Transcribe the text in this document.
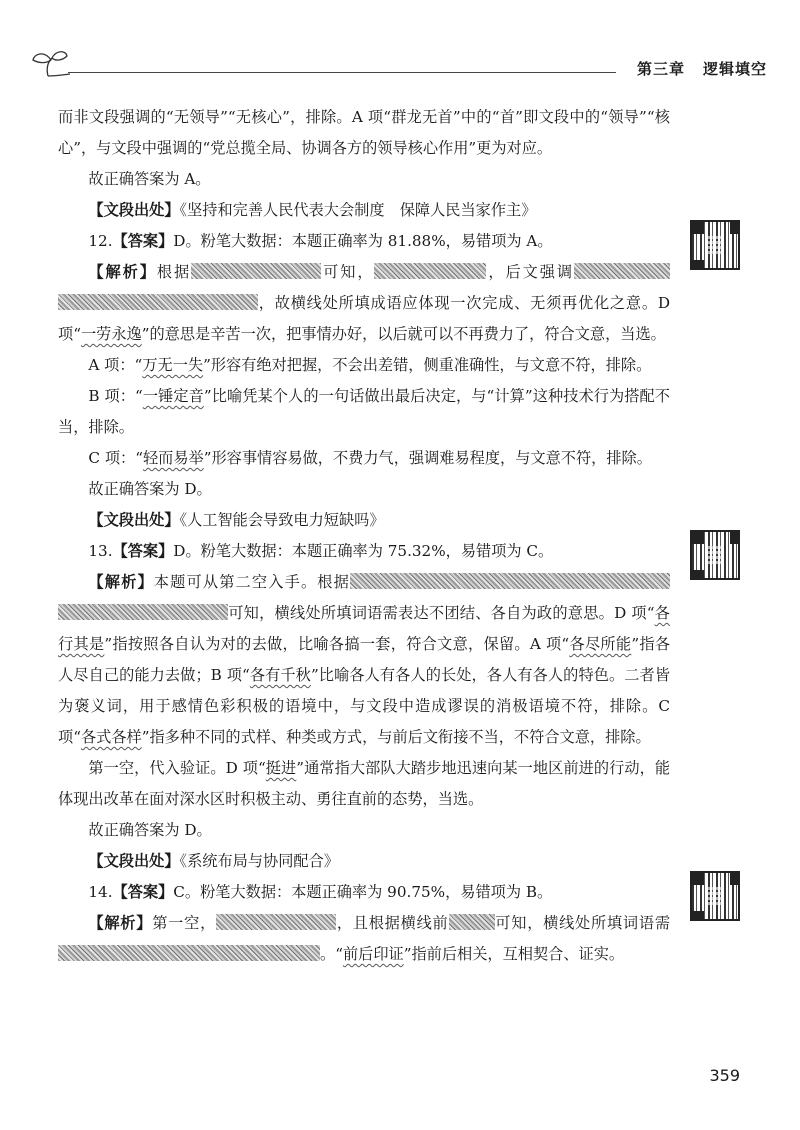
第三章 逻辑填空

而非文段强调的“无领导”“无核心”，排除。A 项“群龙无首”中的“首”即文段中的“领导”“核心”，与文段中强调的“党总揽全局、协调各方的领导核心作用”更为对应。

故正确答案为 A。

【文段出处】《坚持和完善人民代表大会制度　保障人民当家作主》

12.【答案】D。粉笔大数据：本题正确率为 81.88%，易错项为 A。

【解析】根据	可知，	，后文强调，故横线处所填成语应体现一次完成、无须再优化之意。D 项“一劳永逸”的意思是辛苦一次，把事情办好，以后就可以不再费力了，符合文意，当选。

A 项：“万无一失”形容有绝对把握，不会出差错，侧重准确性，与文意不符，排除。

B 项：“一锤定音”比喻凭某个人的一句话做出最后决定，与“计算”这种技术行为搭配不当，排除。

C 项：“轻而易举”形容事情容易做，不费力气，强调难易程度，与文意不符，排除。

故正确答案为 D。

【文段出处】《人工智能会导致电力短缺吗》

13.【答案】D。粉笔大数据：本题正确率为 75.32%，易错项为 C。

【解析】本题可从第二空入手。根据可知，横线处所填词语需表达不团结、各自为政的意思。D 项“各行其是”指按照各自认为对的去做，比喻各搞一套，符合文意，保留。A 项“各尽所能”指各人尽自己的能力去做；B 项“各有千秋”比喻各人有各人的长处，各人有各人的特色。二者皆为褒义词，用于感情色彩积极的语境中，与文段中造成谬误的消极语境不符，排除。C 项“各式各样”指多种不同的式样、种类或方式，与前后文衔接不当，不符合文意，排除。

第一空，代入验证。D 项“挺进”通常指大部队大踏步地迅速向某一地区前进的行动，能体现出改革在面对深水区时积极主动、勇往直前的态势，当选。

故正确答案为 D。

【文段出处】《系统布局与协同配合》

14.【答案】C。粉笔大数据：本题正确率为 90.75%，易错项为 B。

【解析】第一空，	，且根据横线前	可知，横线处所填词语需。“前后印证”指前后相关，互相契合、证实。

359
